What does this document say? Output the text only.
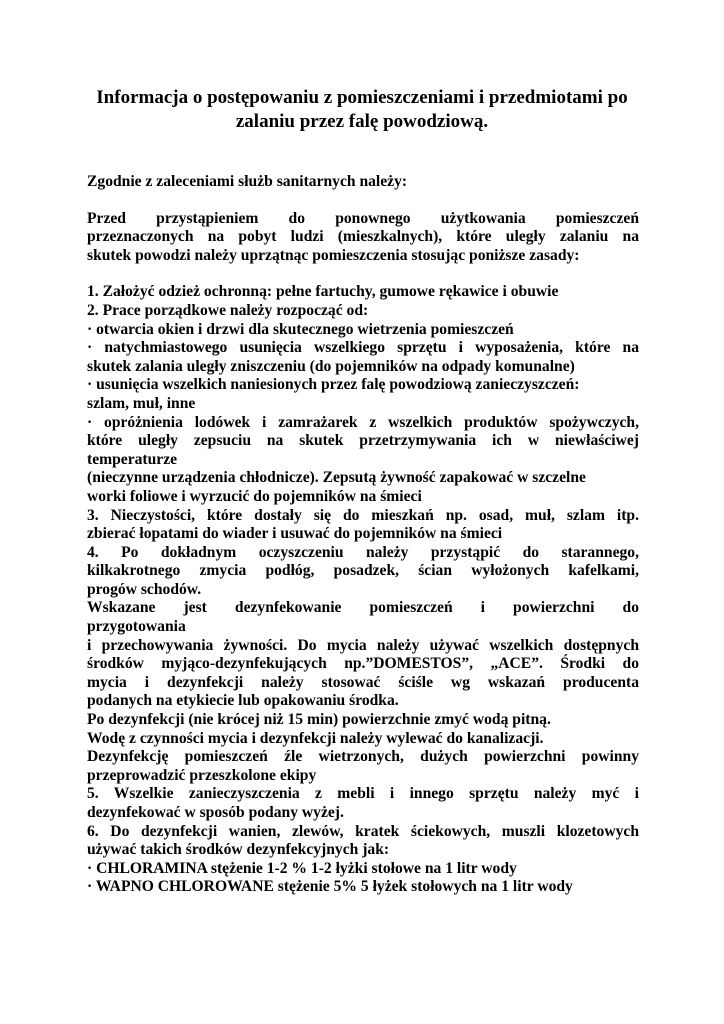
Informacja o postępowaniu z pomieszczeniami i przedmiotami po
zalaniu przez falę powodziową.

Zgodnie z zaleceniami służb sanitarnych należy:

Przed przystąpieniem do ponownego użytkowania pomieszczeń
przeznaczonych na pobyt ludzi (mieszkalnych), które uległy zalaniu na
skutek powodzi należy uprzątnąc pomieszczenia stosując poniższe zasady:

1. Założyć odzież ochronną: pełne fartuchy, gumowe rękawice i obuwie
2. Prace porządkowe należy rozpocząć od:
· otwarcia okien i drzwi dla skutecznego wietrzenia pomieszczeń
· natychmiastowego usunięcia wszelkiego sprzętu i wyposażenia, które na
skutek zalania uległy zniszczeniu (do pojemników na odpady komunalne)
· usunięcia wszelkich naniesionych przez falę powodziową zanieczyszczeń:
szlam, muł, inne
· opróżnienia lodówek i zamrażarek z wszelkich produktów spożywczych,
które uległy zepsuciu na skutek przetrzymywania ich w niewłaściwej
temperaturze
(nieczynne urządzenia chłodnicze). Zepsutą żywność zapakować w szczelne
worki foliowe i wyrzucić do pojemników na śmieci
3. Nieczystości, które dostały się do mieszkań np. osad, muł, szlam itp.
zbierać łopatami do wiader i usuwać do pojemników na śmieci
4. Po dokładnym oczyszczeniu należy przystąpić do starannego,
kilkakrotnego zmycia podłóg, posadzek, ścian wyłożonych kafelkami,
progów schodów.
Wskazane jest dezynfekowanie pomieszczeń i powierzchni do
przygotowania
i przechowywania żywności. Do mycia należy używać wszelkich dostępnych
środków myjąco-dezynfekujących np.”DOMESTOS”, „ACE”. Środki do
mycia i dezynfekcji należy stosować ściśle wg wskazań producenta
podanych na etykiecie lub opakowaniu środka.
Po dezynfekcji (nie krócej niż 15 min) powierzchnie zmyć wodą pitną.
Wodę z czynności mycia i dezynfekcji należy wylewać do kanalizacji.
Dezynfekcję pomieszczeń źle wietrzonych, dużych powierzchni powinny
przeprowadzić przeszkolone ekipy
5. Wszelkie zanieczyszczenia z mebli i innego sprzętu należy myć i
dezynfekować w sposób podany wyżej.
6. Do dezynfekcji wanien, zlewów, kratek ściekowych, muszli klozetowych
używać takich środków dezynfekcyjnych jak:
· CHLORAMINA stężenie 1-2 % 1-2 łyżki stołowe na 1 litr wody
· WAPNO CHLOROWANE stężenie 5% 5 łyżek stołowych na 1 litr wody
